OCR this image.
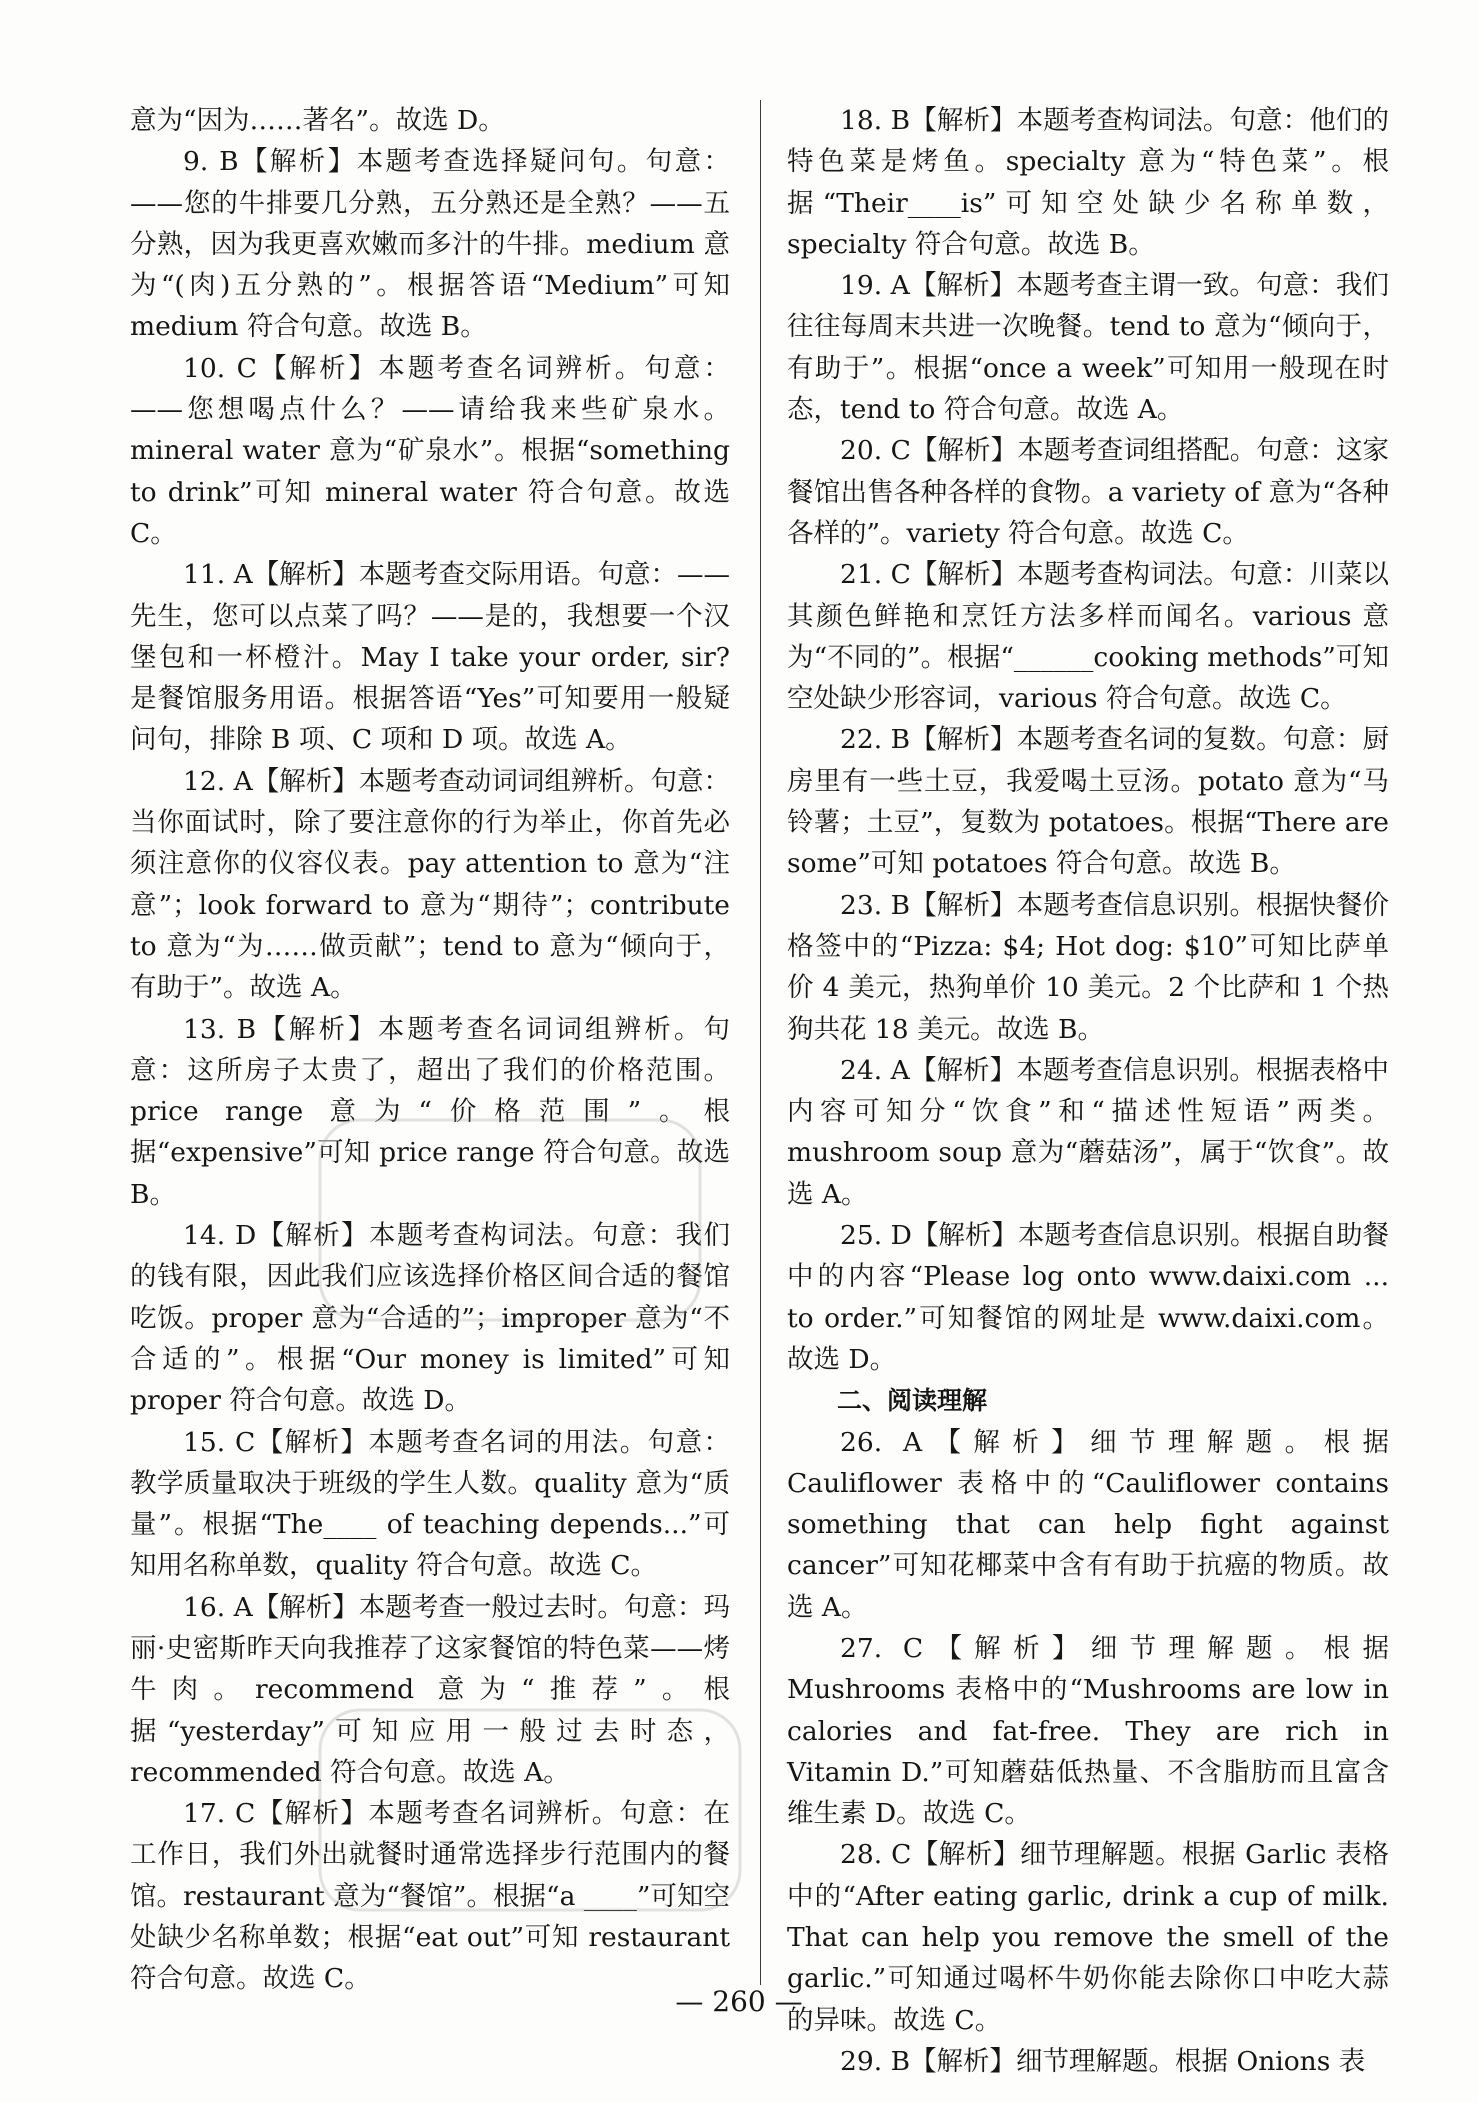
意为“因为……著名”。故选 D。

9. B【解析】本题考查选择疑问句。句意：——您的牛排要几分熟，五分熟还是全熟？——五分熟，因为我更喜欢嫩而多汁的牛排。medium 意为“(肉)五分熟的”。根据答语“Medium”可知 medium 符合句意。故选 B。

10. C【解析】本题考查名词辨析。句意：——您想喝点什么？——请给我来些矿泉水。mineral water 意为“矿泉水”。根据“something to drink”可知 mineral water 符合句意。故选 C。

11. A【解析】本题考查交际用语。句意：——先生，您可以点菜了吗？——是的，我想要一个汉堡包和一杯橙汁。May I take your order, sir? 是餐馆服务用语。根据答语“Yes”可知要用一般疑问句，排除 B 项、C 项和 D 项。故选 A。

12. A【解析】本题考查动词词组辨析。句意：当你面试时，除了要注意你的行为举止，你首先必须注意你的仪容仪表。pay attention to 意为“注意”；look forward to 意为“期待”；contribute to 意为“为……做贡献”；tend to 意为“倾向于，有助于”。故选 A。

13. B【解析】本题考查名词词组辨析。句意：这所房子太贵了，超出了我们的价格范围。price range 意为“价格范围”。根据“expensive”可知 price range 符合句意。故选 B。

14. D【解析】本题考查构词法。句意：我们的钱有限，因此我们应该选择价格区间合适的餐馆吃饭。proper 意为“合适的”；improper 意为“不合适的”。根据“Our money is limited”可知 proper 符合句意。故选 D。

15. C【解析】本题考查名词的用法。句意：教学质量取决于班级的学生人数。quality 意为“质量”。根据“The____ of teaching depends...”可知用名称单数，quality 符合句意。故选 C。

16. A【解析】本题考查一般过去时。句意：玛丽·史密斯昨天向我推荐了这家餐馆的特色菜——烤牛肉。recommend 意为“推荐”。根据“yesterday”可知应用一般过去时态，recommended 符合句意。故选 A。

17. C【解析】本题考查名词辨析。句意：在工作日，我们外出就餐时通常选择步行范围内的餐馆。restaurant 意为“餐馆”。根据“a ____”可知空处缺少名称单数；根据“eat out”可知 restaurant 符合句意。故选 C。

18. B【解析】本题考查构词法。句意：他们的特色菜是烤鱼。specialty 意为“特色菜”。根据“Their____is”可知空处缺少名称单数，specialty 符合句意。故选 B。

19. A【解析】本题考查主谓一致。句意：我们往往每周末共进一次晚餐。tend to 意为“倾向于，有助于”。根据“once a week”可知用一般现在时态，tend to 符合句意。故选 A。

20. C【解析】本题考查词组搭配。句意：这家餐馆出售各种各样的食物。a variety of 意为“各种各样的”。variety 符合句意。故选 C。

21. C【解析】本题考查构词法。句意：川菜以其颜色鲜艳和烹饪方法多样而闻名。various 意为“不同的”。根据“______cooking methods”可知空处缺少形容词，various 符合句意。故选 C。

22. B【解析】本题考查名词的复数。句意：厨房里有一些土豆，我爱喝土豆汤。potato 意为“马铃薯；土豆”，复数为 potatoes。根据“There are some”可知 potatoes 符合句意。故选 B。

23. B【解析】本题考查信息识别。根据快餐价格签中的“Pizza: $4; Hot dog: $10”可知比萨单价 4 美元，热狗单价 10 美元。2 个比萨和 1 个热狗共花 18 美元。故选 B。

24. A【解析】本题考查信息识别。根据表格中内容可知分“饮食”和“描述性短语”两类。mushroom soup 意为“蘑菇汤”，属于“饮食”。故选 A。

25. D【解析】本题考查信息识别。根据自助餐中的内容“Please log onto www.daixi.com ... to order.”可知餐馆的网址是 www.daixi.com。故选 D。

二、阅读理解

26. A【解析】细节理解题。根据 Cauliflower 表格中的“Cauliflower contains something that can help fight against cancer”可知花椰菜中含有有助于抗癌的物质。故选 A。

27. C【解析】细节理解题。根据 Mushrooms 表格中的“Mushrooms are low in calories and fat-free. They are rich in Vitamin D.”可知蘑菇低热量、不含脂肪而且富含维生素 D。故选 C。

28. C【解析】细节理解题。根据 Garlic 表格中的“After eating garlic, drink a cup of milk. That can help you remove the smell of the garlic.”可知通过喝杯牛奶你能去除你口中吃大蒜的异味。故选 C。

29. B【解析】细节理解题。根据 Onions 表

— 260 —
